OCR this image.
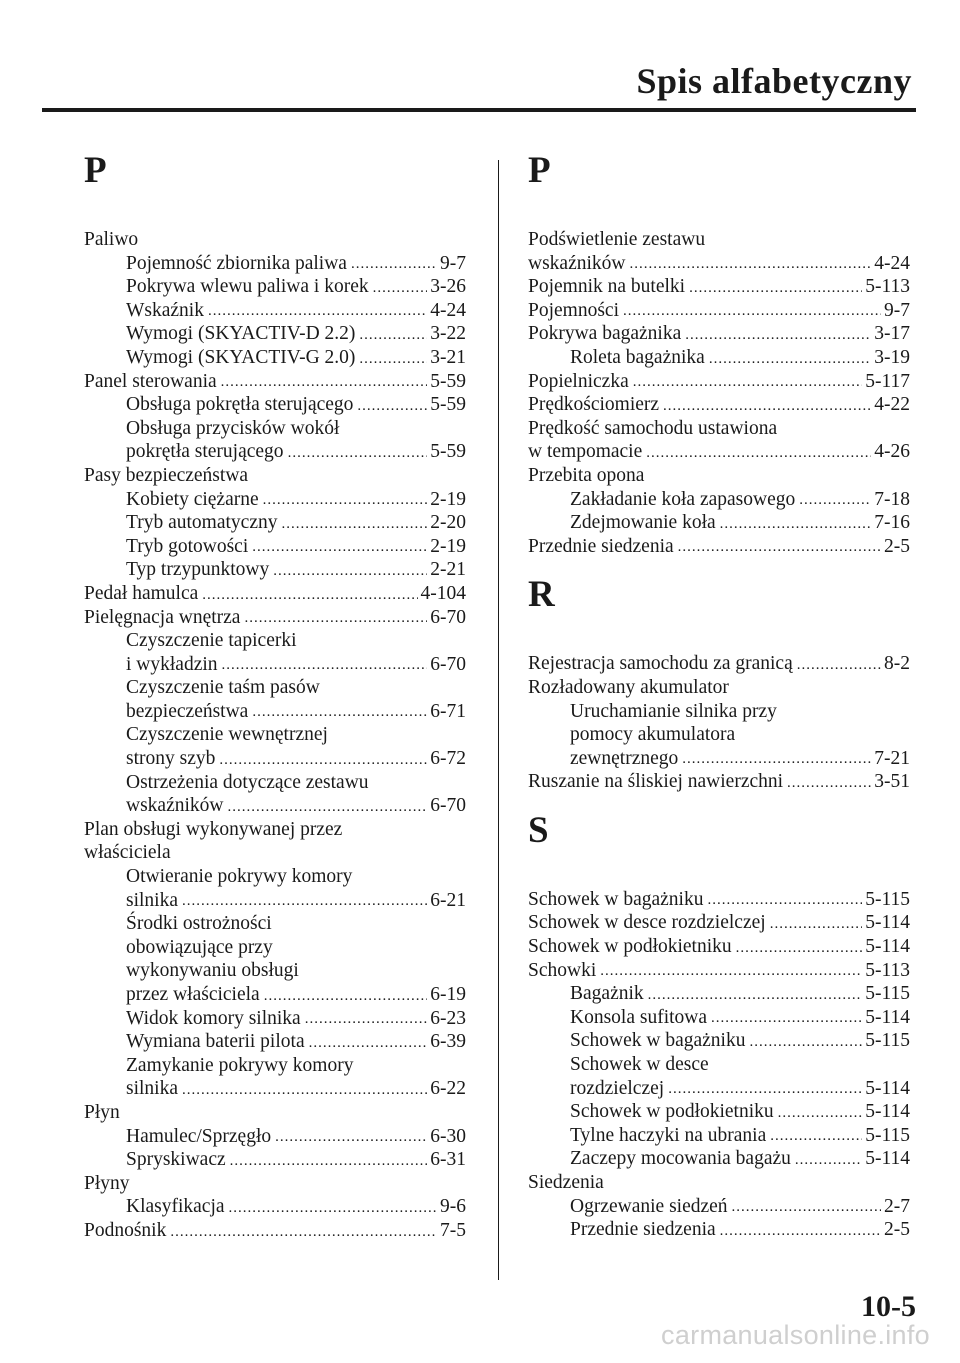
Spis alfabetyczny
P
Paliwo
Pojemność zbiornika paliwa .....	9-7
Pokrywa wlewu paliwa i korek .....	3-26
Wskaźnik .....	4-24
Wymogi (SKYACTIV-D 2.2) .....	3-22
Wymogi (SKYACTIV-G 2.0) .....	3-21
Panel sterowania .....	5-59
Obsługa pokrętła sterującego .....	5-59
Obsługa przycisków wokół
pokrętła sterującego .....	5-59
Pasy bezpieczeństwa
Kobiety ciężarne .....	2-19
Tryb automatyczny .....	2-20
Tryb gotowości .....	2-19
Typ trzypunktowy .....	2-21
Pedał hamulca .....	4-104
Pielęgnacja wnętrza .....	6-70
Czyszczenie tapicerki
i wykładzin .....	6-70
Czyszczenie taśm pasów
bezpieczeństwa .....	6-71
Czyszczenie wewnętrznej
strony szyb .....	6-72
Ostrzeżenia dotyczące zestawu
wskaźników .....	6-70
Plan obsługi wykonywanej przez
właściciela
Otwieranie pokrywy komory
silnika .....	6-21
Środki ostrożności
obowiązujące przy
wykonywaniu obsługi
przez właściciela .....	6-19
Widok komory silnika .....	6-23
Wymiana baterii pilota .....	6-39
Zamykanie pokrywy komory
silnika .....	6-22
Płyn
Hamulec/Sprzęgło .....	6-30
Spryskiwacz .....	6-31
Płyny
Klasyfikacja .....	9-6
Podnośnik .....	7-5
P
Podświetlenie zestawu
wskaźników .....	4-24
Pojemnik na butelki .....	5-113
Pojemności .....	9-7
Pokrywa bagażnika .....	3-17
Roleta bagażnika .....	3-19
Popielniczka .....	5-117
Prędkościomierz .....	4-22
Prędkość samochodu ustawiona
w tempomacie .....	4-26
Przebita opona
Zakładanie koła zapasowego .....	7-18
Zdejmowanie koła .....	7-16
Przednie siedzenia .....	2-5
R
Rejestracja samochodu za granicą .....	8-2
Rozładowany akumulator
Uruchamianie silnika przy
pomocy akumulatora
zewnętrznego .....	7-21
Ruszanie na śliskiej nawierzchni .....	3-51
S
Schowek w bagażniku .....	5-115
Schowek w desce rozdzielczej .....	5-114
Schowek w podłokietniku .....	5-114
Schowki .....	5-113
Bagażnik .....	5-115
Konsola sufitowa .....	5-114
Schowek w bagażniku .....	5-115
Schowek w desce
rozdzielczej .....	5-114
Schowek w podłokietniku .....	5-114
Tylne haczyki na ubrania .....	5-115
Zaczepy mocowania bagażu .....	5-114
Siedzenia
Ogrzewanie siedzeń .....	2-7
Przednie siedzenia .....	2-5
10-5
carmanualsonline.info
